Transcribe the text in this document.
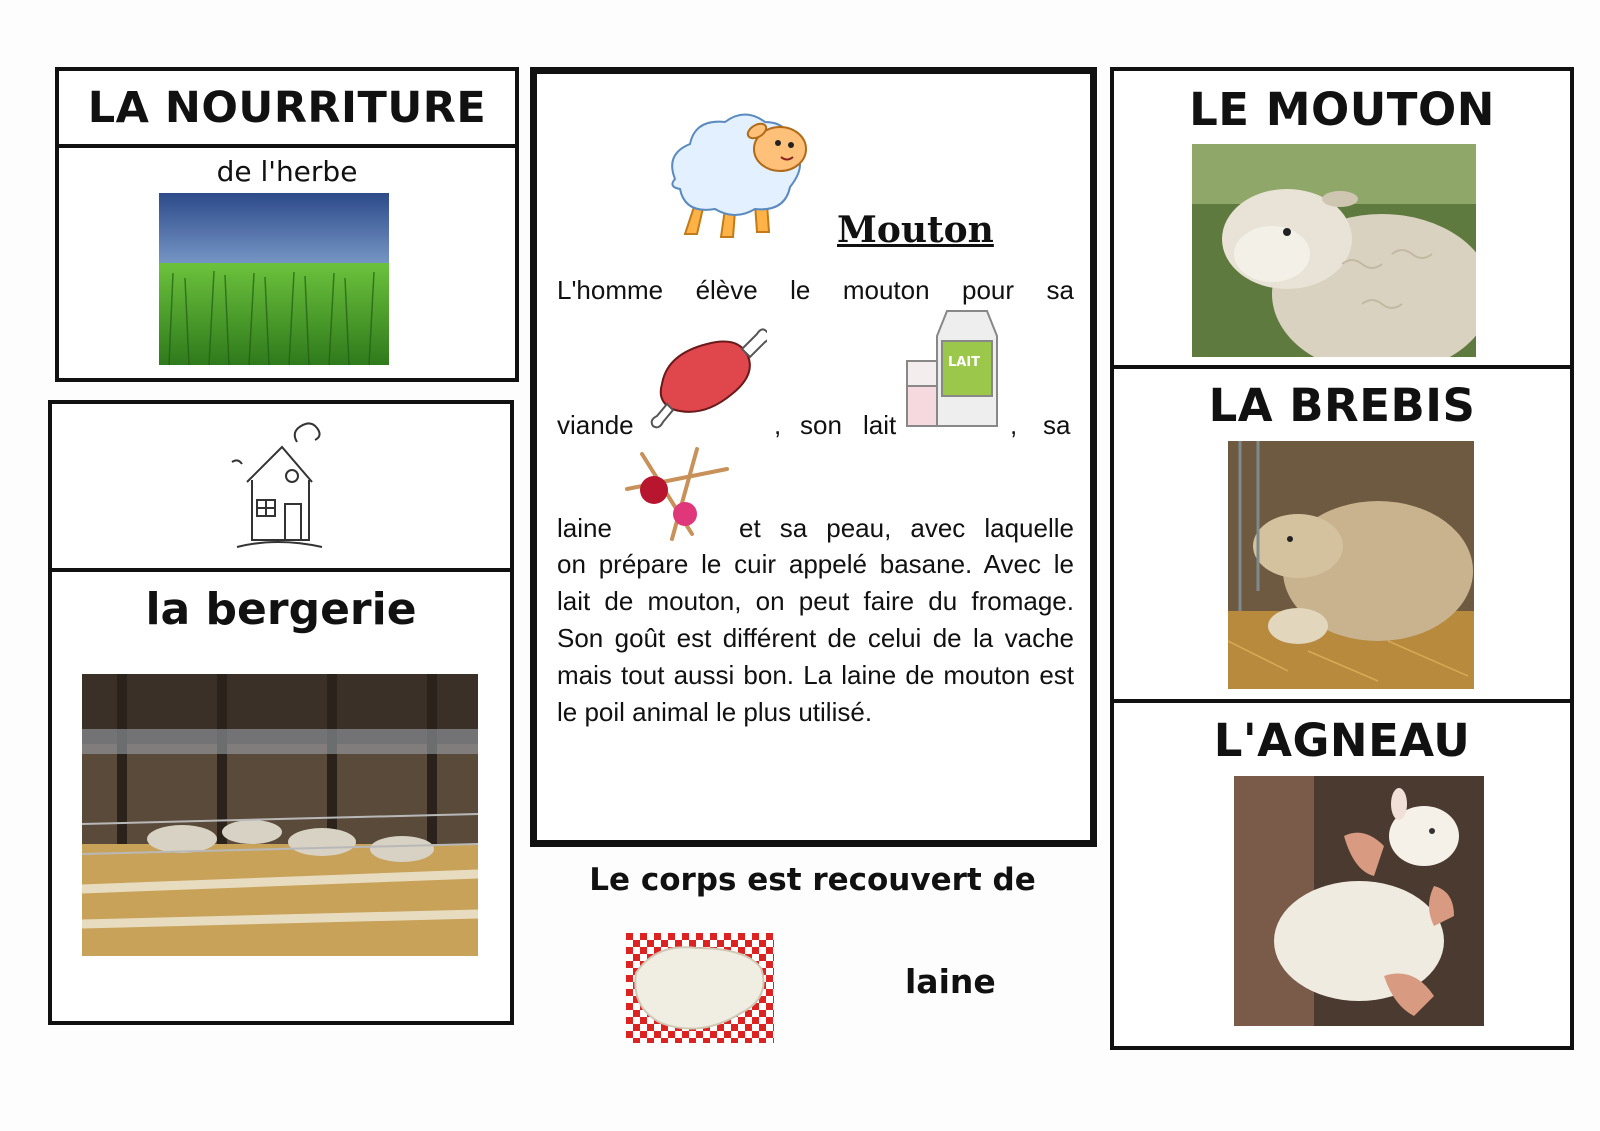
LA NOURRITURE
de l'herbe
la bergerie
Mouton
L'homme élève le mouton pour sa
viande	, son lait	, sa
LAIT
laine	et sa peau, avec laquelle
on prépare le cuir appelé basane. Avec le lait de mouton, on peut faire du fromage. Son goût est différent de celui de la vache mais tout aussi bon. La laine de mouton est le poil animal le plus utilisé.
Le corps est recouvert de
laine
LE MOUTON
LA BREBIS
L'AGNEAU
